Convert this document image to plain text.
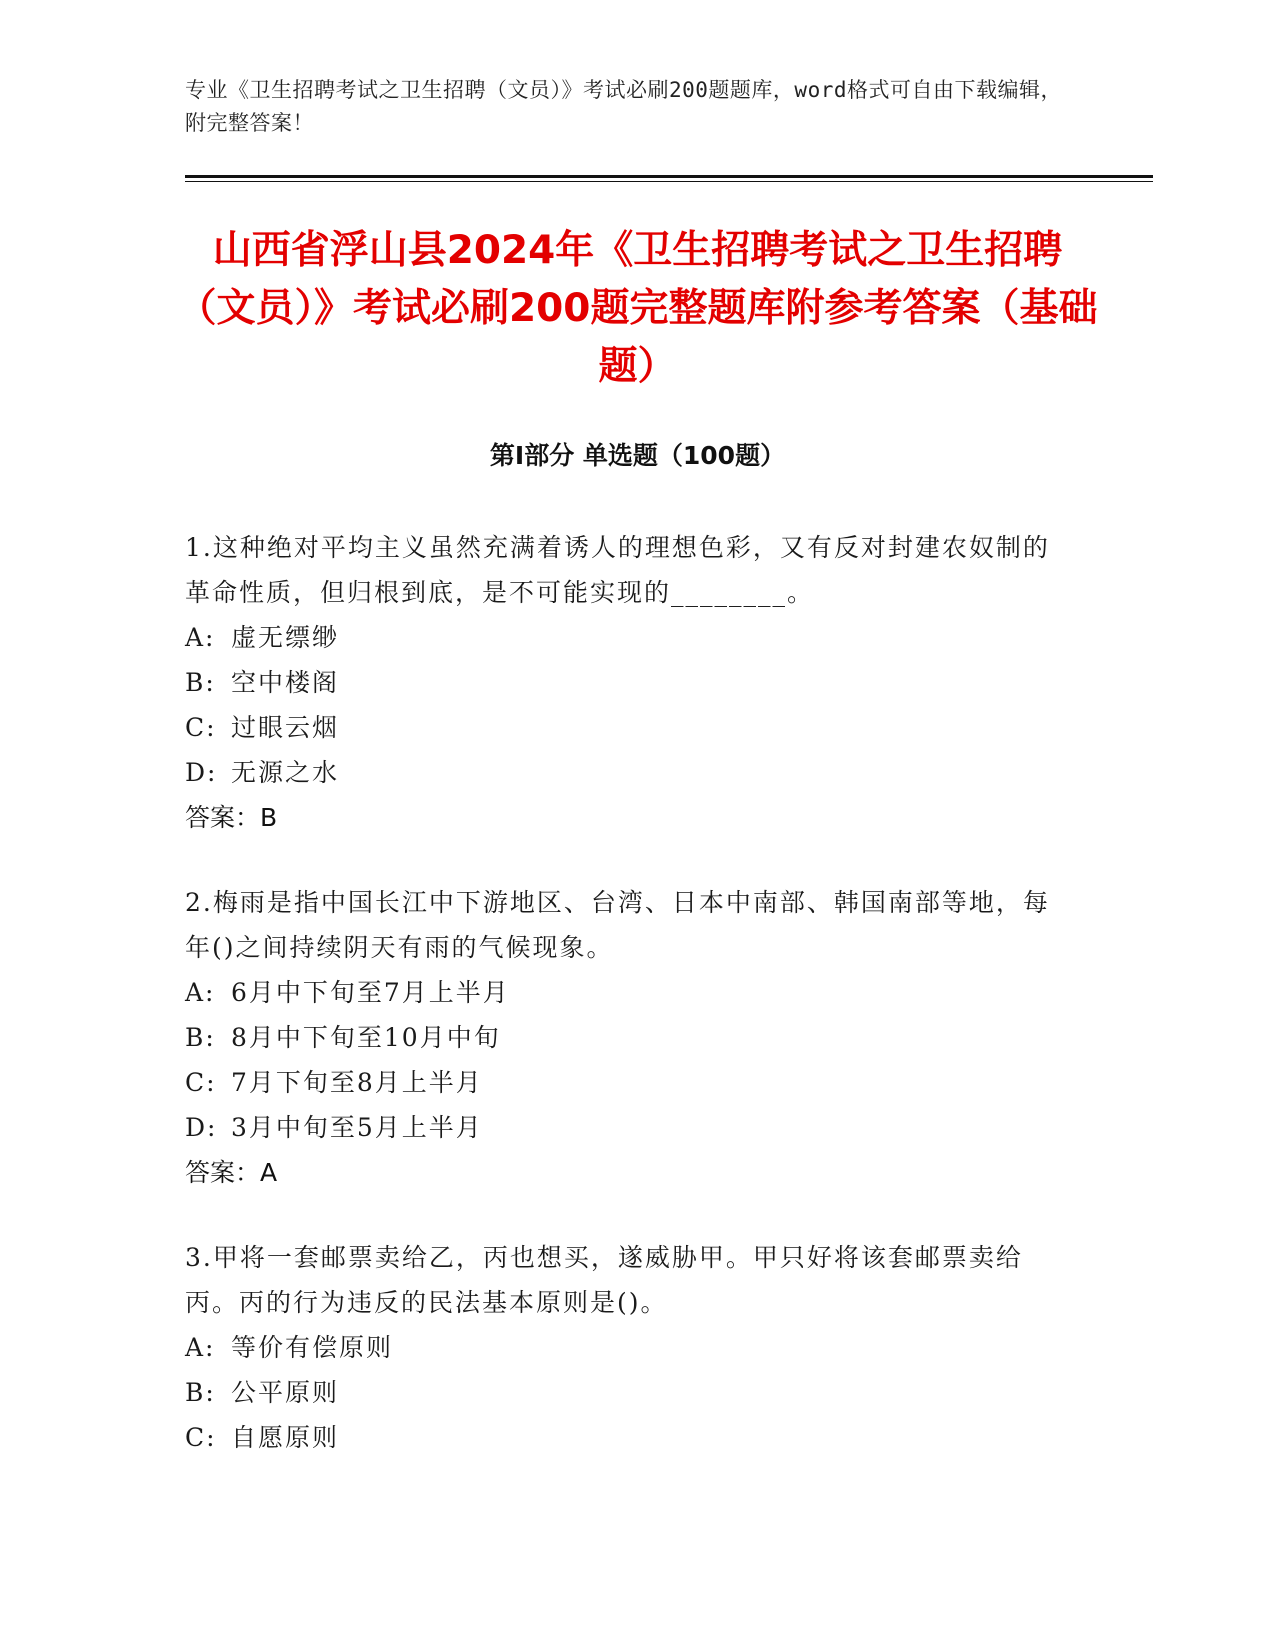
专业《卫生招聘考试之卫生招聘（文员）》考试必刷200题题库，word格式可自由下载编辑，附完整答案！
山西省浮山县2024年《卫生招聘考试之卫生招聘（文员）》考试必刷200题完整题库附参考答案（基础题）
第I部分 单选题（100题）
1.这种绝对平均主义虽然充满着诱人的理想色彩，又有反对封建农奴制的革命性质，但归根到底，是不可能实现的________。
A: 虚无缥缈
B: 空中楼阁
C: 过眼云烟
D: 无源之水
答案：B
2.梅雨是指中国长江中下游地区、台湾、日本中南部、韩国南部等地，每年()之间持续阴天有雨的气候现象。
A: 6月中下旬至7月上半月
B: 8月中下旬至10月中旬
C: 7月下旬至8月上半月
D: 3月中旬至5月上半月
答案：A
3.甲将一套邮票卖给乙，丙也想买，遂威胁甲。甲只好将该套邮票卖给丙。丙的行为违反的民法基本原则是()。
A: 等价有偿原则
B: 公平原则
C: 自愿原则
